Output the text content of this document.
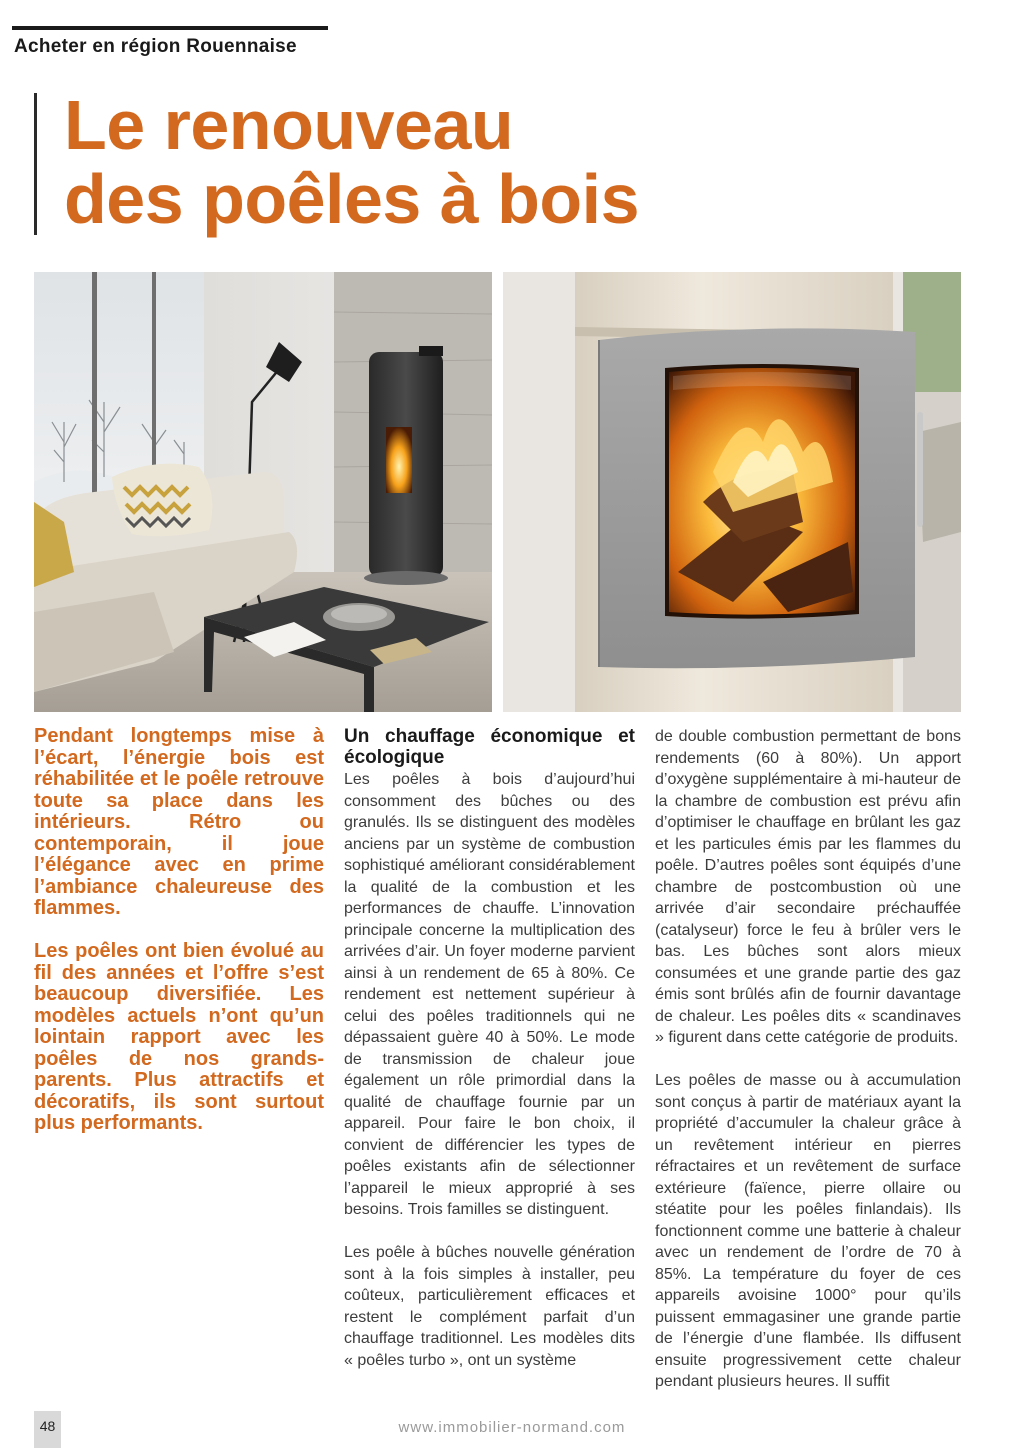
Acheter en région Rouennaise
Le renouveau
des poêles à bois

Pendant longtemps mise à l’écart, l’énergie bois est réhabilitée et le poêle retrouve toute sa place dans les intérieurs. Rétro ou contemporain, il joue l’élégance avec en prime l’ambiance chaleureuse des flammes.

Les poêles ont bien évolué au fil des années et l’offre s’est beaucoup diversifiée. Les modèles actuels n’ont qu’un lointain rapport avec les poêles de nos grands-parents. Plus attractifs et décoratifs, ils sont surtout plus performants.

Un chauffage économique et écologique

Les poêles à bois d’aujourd’hui consomment des bûches ou des granulés. Ils se distinguent des modèles anciens par un système de combustion sophistiqué améliorant considérablement la qualité de la combustion et les performances de chauffe. L’innovation principale concerne la multiplication des arrivées d’air. Un foyer moderne parvient ainsi à un rendement de 65 à 80%. Ce rendement est nettement supérieur à celui des poêles traditionnels qui ne dépassaient guère 40 à 50%. Le mode de transmission de chaleur joue également un rôle primordial dans la qualité de chauffage fournie par un appareil. Pour faire le bon choix, il convient de différencier les types de poêles existants afin de sélectionner l’appareil le mieux approprié à ses besoins. Trois familles se distinguent.

Les poêle à bûches nouvelle génération sont à la fois simples à installer, peu coûteux, particulièrement efficaces et restent le complément parfait d’un chauffage traditionnel. Les modèles dits « poêles turbo », ont un système

de double combustion permettant de bons rendements (60 à 80%). Un apport d’oxygène supplémentaire à mi-hauteur de la chambre de combustion est prévu afin d’optimiser le chauffage en brûlant les gaz et les particules émis par les flammes du poêle. D’autres poêles sont équipés d’une chambre de postcombustion où une arrivée d’air secondaire préchauffée (catalyseur) force le feu à brûler vers le bas. Les bûches sont alors mieux consumées et une grande partie des gaz émis sont brûlés afin de fournir davantage de chaleur. Les poêles dits « scandinaves » figurent dans cette catégorie de produits.

Les poêles de masse ou à accumulation sont conçus à partir de matériaux ayant la propriété d’accumuler la chaleur grâce à un revêtement intérieur en pierres réfractaires et un revêtement de surface extérieure (faïence, pierre ollaire ou stéatite pour les poêles finlandais). Ils fonctionnent comme une batterie à chaleur avec un rendement de l’ordre de 70 à 85%. La température du foyer de ces appareils avoisine 1000° pour qu’ils puissent emmagasiner une grande partie de l’énergie d’une flambée. Ils diffusent ensuite progressivement cette chaleur pendant plusieurs heures. Il suffit

48	www.immobilier-normand.com
